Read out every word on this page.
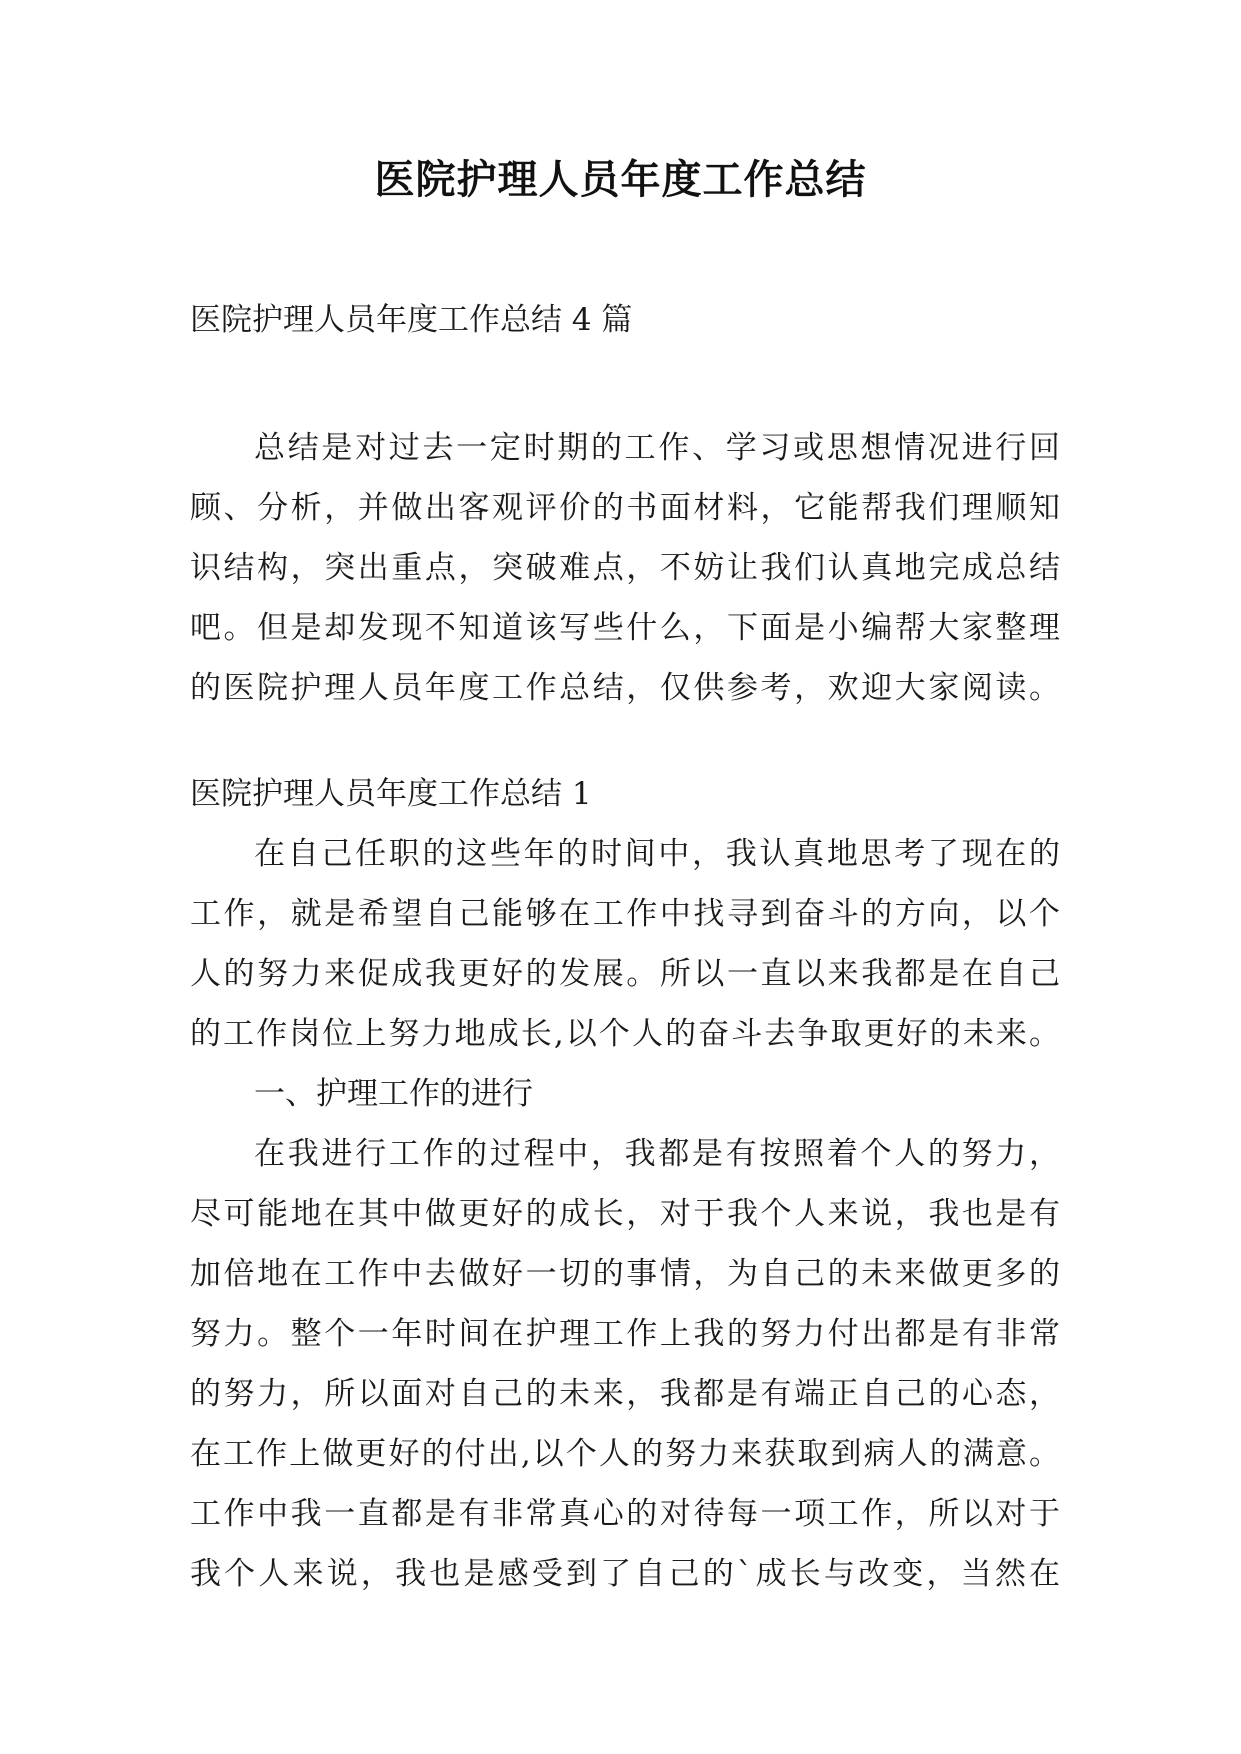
医院护理人员年度工作总结
医院护理人员年度工作总结 4 篇
总结是对过去一定时期的工作、学习或思想情况进行回
顾、分析，并做出客观评价的书面材料，它能帮我们理顺知
识结构，突出重点，突破难点，不妨让我们认真地完成总结
吧。但是却发现不知道该写些什么，下面是小编帮大家整理
的医院护理人员年度工作总结，仅供参考，欢迎大家阅读。
医院护理人员年度工作总结 1
在自己任职的这些年的时间中，我认真地思考了现在的
工作，就是希望自己能够在工作中找寻到奋斗的方向，以个
人的努力来促成我更好的发展。所以一直以来我都是在自己
的工作岗位上努力地成长,以个人的奋斗去争取更好的未来。
一、护理工作的进行
在我进行工作的过程中，我都是有按照着个人的努力，
尽可能地在其中做更好的成长，对于我个人来说，我也是有
加倍地在工作中去做好一切的事情，为自己的未来做更多的
努力。整个一年时间在护理工作上我的努力付出都是有非常
的努力，所以面对自己的未来，我都是有端正自己的心态，
在工作上做更好的付出,以个人的努力来获取到病人的满意。
工作中我一直都是有非常真心的对待每一项工作，所以对于
我个人来说，我也是感受到了自己的`成长与改变，当然在
